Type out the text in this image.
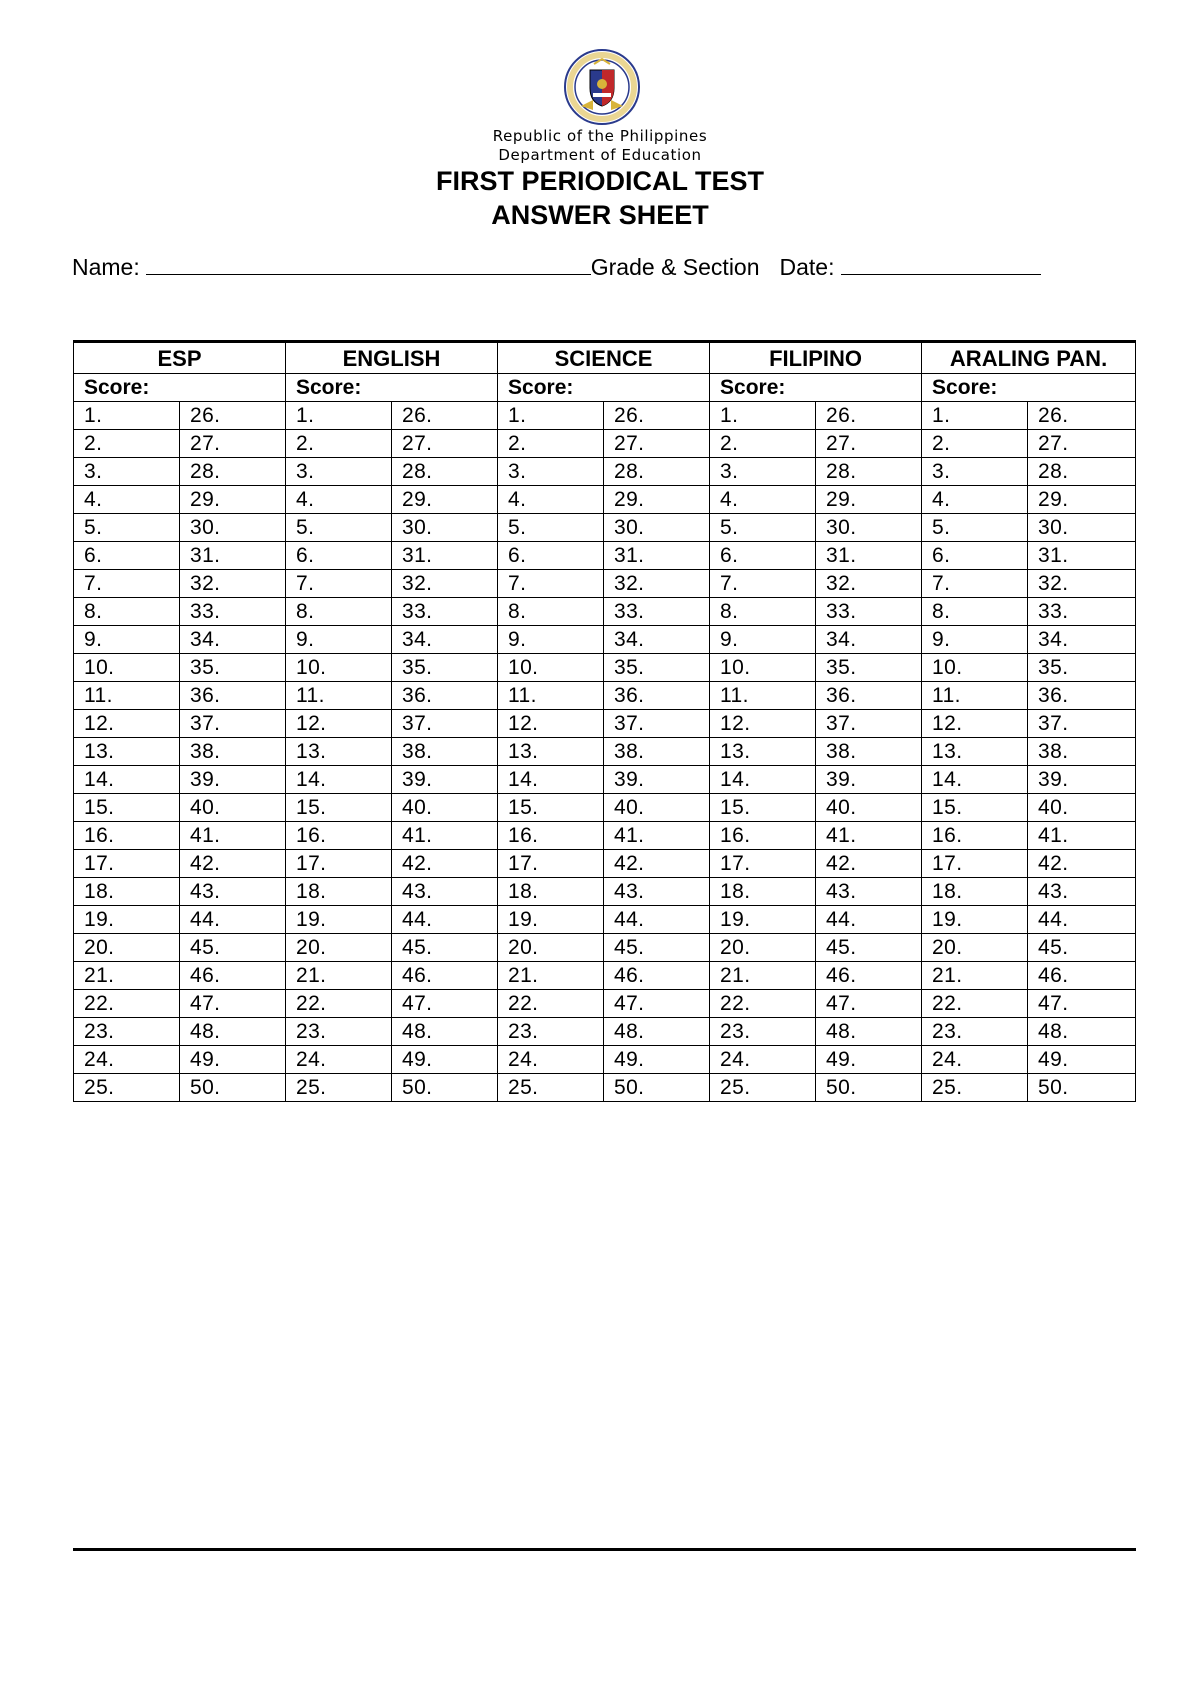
Republic of the Philippines
Department of Education
FIRST PERIODICAL TEST
ANSWER SHEET
Name:	Grade & Section Date:
ESP		ENGLISH		SCIENCE		FILIPINO		ARALING PAN.	
Score:		Score:		Score:		Score:		Score:	
1.	26.	1.	26.	1.	26.	1.	26.	1.	26.
2.	27.	2.	27.	2.	27.	2.	27.	2.	27.
3.	28.	3.	28.	3.	28.	3.	28.	3.	28.
4.	29.	4.	29.	4.	29.	4.	29.	4.	29.
5.	30.	5.	30.	5.	30.	5.	30.	5.	30.
6.	31.	6.	31.	6.	31.	6.	31.	6.	31.
7.	32.	7.	32.	7.	32.	7.	32.	7.	32.
8.	33.	8.	33.	8.	33.	8.	33.	8.	33.
9.	34.	9.	34.	9.	34.	9.	34.	9.	34.
10.	35.	10.	35.	10.	35.	10.	35.	10.	35.
11.	36.	11.	36.	11.	36.	11.	36.	11.	36.
12.	37.	12.	37.	12.	37.	12.	37.	12.	37.
13.	38.	13.	38.	13.	38.	13.	38.	13.	38.
14.	39.	14.	39.	14.	39.	14.	39.	14.	39.
15.	40.	15.	40.	15.	40.	15.	40.	15.	40.
16.	41.	16.	41.	16.	41.	16.	41.	16.	41.
17.	42.	17.	42.	17.	42.	17.	42.	17.	42.
18.	43.	18.	43.	18.	43.	18.	43.	18.	43.
19.	44.	19.	44.	19.	44.	19.	44.	19.	44.
20.	45.	20.	45.	20.	45.	20.	45.	20.	45.
21.	46.	21.	46.	21.	46.	21.	46.	21.	46.
22.	47.	22.	47.	22.	47.	22.	47.	22.	47.
23.	48.	23.	48.	23.	48.	23.	48.	23.	48.
24.	49.	24.	49.	24.	49.	24.	49.	24.	49.
25.	50.	25.	50.	25.	50.	25.	50.	25.	50.
